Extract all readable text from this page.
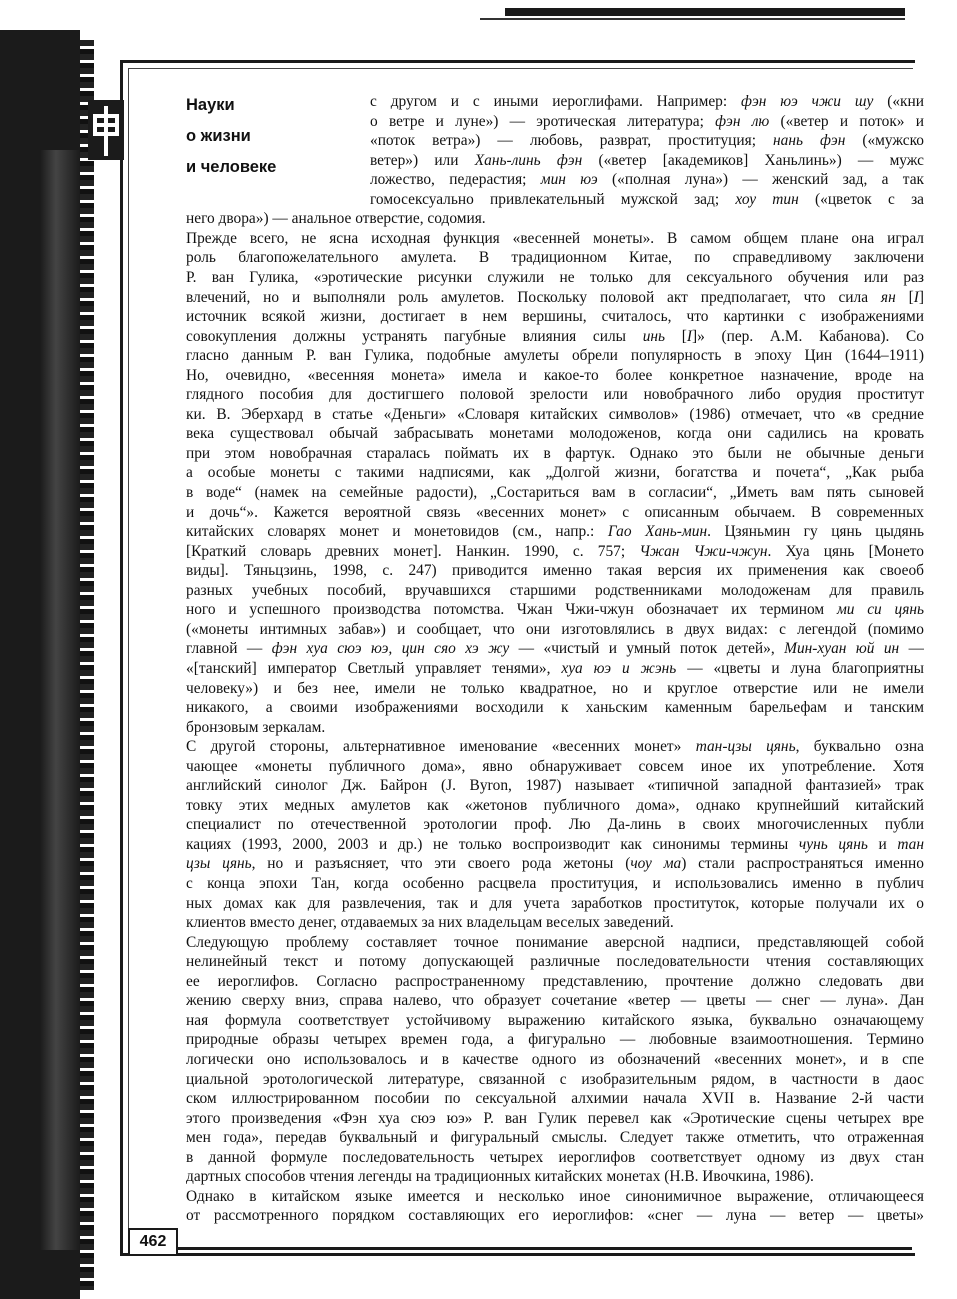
Науки
о жизни
и человеке
с другом и с иными иероглифами. Например: фэн юэ чжи шу («кни
о ветре и луне») — эротическая литература; фэн лю («ветер и поток» и
«поток ветра») — любовь, разврат, проституция; нань фэн («мужско
ветер») или Хань-линь фэн («ветер [академиков] Ханьлинь») — мужс
ложество, педерастия; мин юэ («полная луна») — женский зад, а так
гомосексуально привлекательный мужской зад; хоу тин («цветок с за
него двора») — анальное отверстие, содомия.
Прежде всего, не ясна исходная функция «весенней монеты». В самом общем плане она играл
роль благопожелательного амулета. В традиционном Китае, по справедливому заключени
Р. ван Гулика, «эротические рисунки служили не только для сексуального обучения или раз
влечений, но и выполняли роль амулетов. Поскольку половой акт предполагает, что сила ян [I]
источник всякой жизни, достигает в нем вершины, считалось, что картинки с изображениями
совокупления должны устранять пагубные влияния силы инь [I]» (пер. А.М. Кабанова). Со
гласно данным Р. ван Гулика, подобные амулеты обрели популярность в эпоху Цин (1644–1911)
Но, очевидно, «весенняя монета» имела и какое-то более конкретное назначение, вроде на
глядного пособия для достигшего половой зрелости или новобрачного либо орудия проститут
ки. В. Эберхард в статье «Деньги» «Словаря китайских символов» (1986) отмечает, что «в средние
века существовал обычай забрасывать монетами молодоженов, когда они садились на кровать
при этом новобрачная старалась поймать их в фартук. Однако это были не обычные деньги
а особые монеты с такими надписями, как „Долгой жизни, богатства и почета“, „Как рыба
в воде“ (намек на семейные радости), „Состариться вам в согласии“, „Иметь вам пять сыновей
и дочь“». Кажется вероятной связь «весенних монет» с описанным обычаем. В современных
китайских словарях монет и монетовидов (см., напр.: Гао Хань-мин. Цзяньмин гу цянь цыдянь
[Краткий словарь древних монет]. Нанкин. 1990, с. 757; Чжан Чжи-чжун. Хуа цянь [Монето
виды]. Тяньцзинь, 1998, с. 247) приводится именно такая версия их применения как своеоб
разных учебных пособий, вручавшихся старшими родственниками молодоженам для правиль
ного и успешного производства потомства. Чжан Чжи-чжун обозначает их термином ми си цянь
(«монеты интимных забав») и сообщает, что они изготовлялись в двух видах: с легендой (помимо
главной — фэн хуа сюэ юэ, цин сяо хэ жу — «чистый и умный поток детей», Мин-хуан юй ин —
«[танский] император Светлый управляет тенями», хуа юэ и жэнь — «цветы и луна благоприятны
человеку») и без нее, имели не только квадратное, но и круглое отверстие или не имели
никакого, а своими изображениями восходили к ханьским каменным барельефам и танским
бронзовым зеркалам.
С другой стороны, альтернативное именование «весенних монет» тан-цзы цянь, буквально озна
чающее «монеты публичного дома», явно обнаруживает совсем иное их употребление. Хотя
английский синолог Дж. Байрон (J. Byron, 1987) называет «типичной западной фантазией» трак
товку этих медных амулетов как «жетонов публичного дома», однако крупнейший китайский
специалист по отечественной эротологии проф. Лю Да-линь в своих многочисленных публи
кациях (1993, 2000, 2003 и др.) не только воспроизводит как синонимы термины чунь цянь и тан
цзы цянь, но и разъясняет, что эти своего рода жетоны (чоу ма) стали распространяться именно
с конца эпохи Тан, когда особенно расцвела проституция, и использовались именно в публич
ных домах как для развлечения, так и для учета заработков проституток, которые получали их о
клиентов вместо денег, отдаваемых за них владельцам веселых заведений.
Следующую проблему составляет точное понимание аверсной надписи, представляющей собой
нелинейный текст и потому допускающей различные последовательности чтения составляющих
ее иероглифов. Согласно распространенному представлению, прочтение должно следовать дви
жению сверху вниз, справа налево, что образует сочетание «ветер — цветы — снег — луна». Дан
ная формула соответствует устойчивому выражению китайского языка, буквально означающему
природные образы четырех времен года, а фигурально — любовные взаимоотношения. Термино
логически оно использовалось и в качестве одного из обозначений «весенних монет», и в спе
циальной эротологической литературе, связанной с изобразительным рядом, в частности в даос
ском иллюстрированном пособии по сексуальной алхимии начала XVII в. Название 2-й части
этого произведения «Фэн хуа сюэ юэ» Р. ван Гулик перевел как «Эротические сцены четырех вре
мен года», передав буквальный и фигуральный смыслы. Следует также отметить, что отраженная
в данной формуле последовательность четырех иероглифов соответствует одному из двух стан
дартных способов чтения легенды на традиционных китайских монетах (Н.В. Ивочкина, 1986).
Однако в китайском языке имеется и несколько иное синонимичное выражение, отличающееся
от рассмотренного порядком составляющих его иероглифов: «снег — луна — ветер — цветы»
462
